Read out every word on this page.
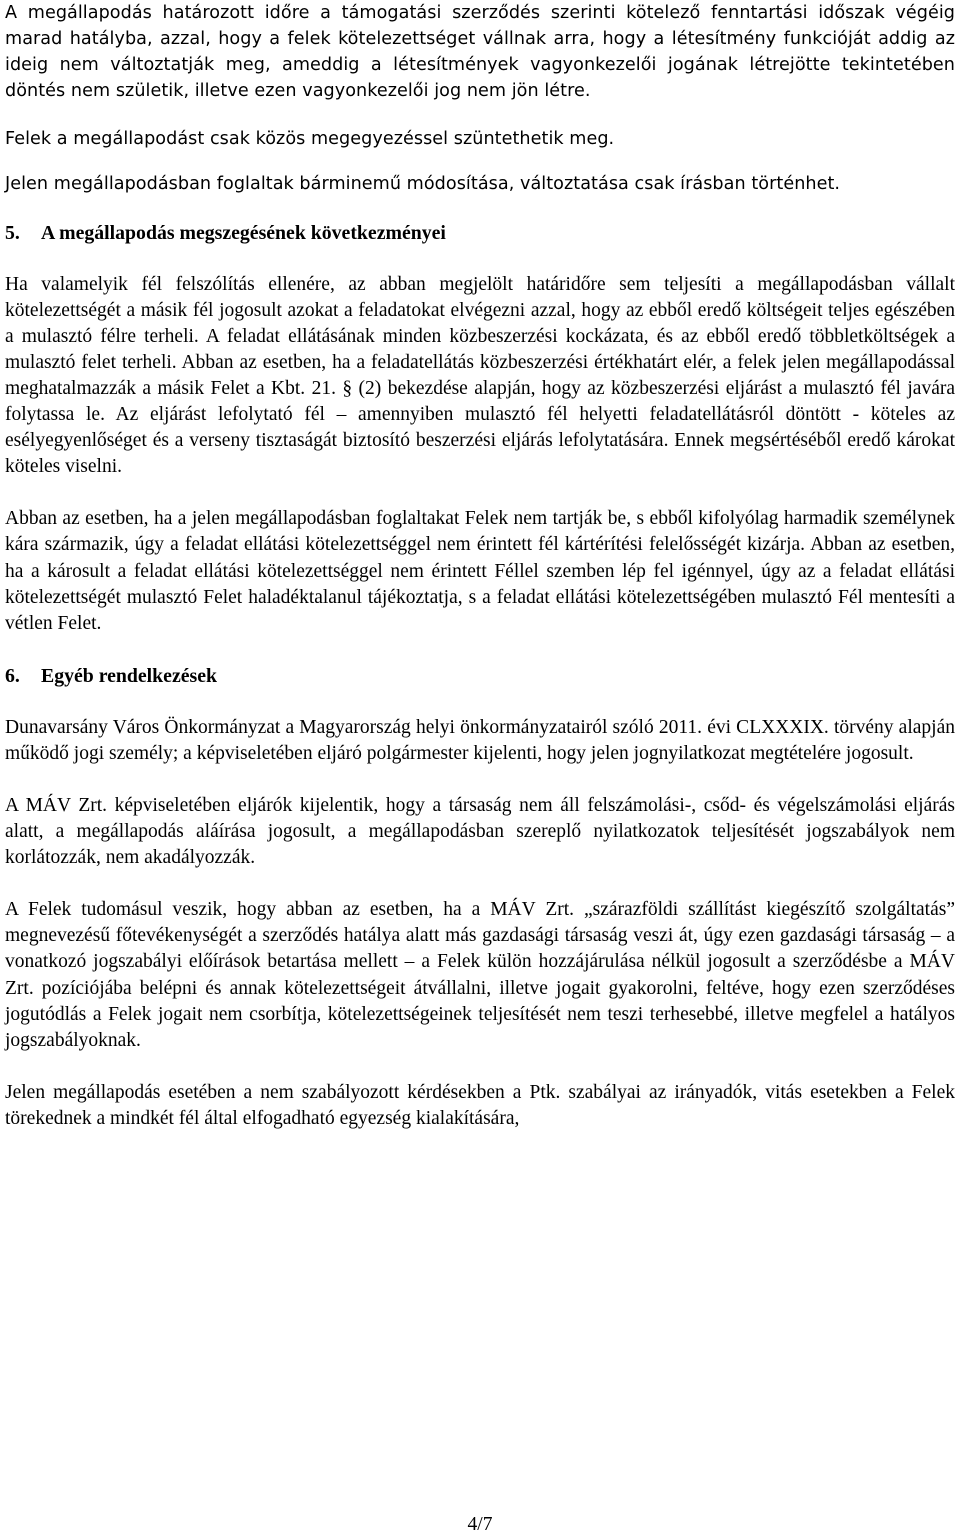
A megállapodás határozott időre a támogatási szerződés szerinti kötelező fenntartási időszak végéig marad hatályba, azzal, hogy a felek kötelezettséget vállnak arra, hogy a létesítmény funkcióját addig az ideig nem változtatják meg, ameddig a létesítmények vagyonkezelői jogának létrejötte tekintetében döntés nem születik, illetve ezen vagyonkezelői jog nem jön létre.

Felek a megállapodást csak közös megegyezéssel szüntethetik meg.

Jelen megállapodásban foglaltak bárminemű módosítása, változtatása csak írásban történhet.

5. A megállapodás megszegésének következményei

Ha valamelyik fél felszólítás ellenére, az abban megjelölt határidőre sem teljesíti a megállapodásban vállalt kötelezettségét a másik fél jogosult azokat a feladatokat elvégezni azzal, hogy az ebből eredő költségeit teljes egészében a mulasztó félre terheli. A feladat ellátásának minden közbeszerzési kockázata, és az ebből eredő többletköltségek a mulasztó felet terheli. Abban az esetben, ha a feladatellátás közbeszerzési értékhatárt elér, a felek jelen megállapodással meghatalmazzák a másik Felet a Kbt. 21. § (2) bekezdése alapján, hogy az közbeszerzési eljárást a mulasztó fél javára folytassa le. Az eljárást lefolytató fél – amennyiben mulasztó fél helyetti feladatellátásról döntött - köteles az esélyegyenlőséget és a verseny tisztaságát biztosító beszerzési eljárás lefolytatására. Ennek megsértéséből eredő károkat köteles viselni.

Abban az esetben, ha a jelen megállapodásban foglaltakat Felek nem tartják be, s ebből kifolyólag harmadik személynek kára származik, úgy a feladat ellátási kötelezettséggel nem érintett fél kártérítési felelősségét kizárja. Abban az esetben, ha a károsult a feladat ellátási kötelezettséggel nem érintett Féllel szemben lép fel igénnyel, úgy az a feladat ellátási kötelezettségét mulasztó Felet haladéktalanul tájékoztatja, s a feladat ellátási kötelezettségében mulasztó Fél mentesíti a vétlen Felet.

6. Egyéb rendelkezések

Dunavarsány Város Önkormányzat a Magyarország helyi önkormányzatairól szóló 2011. évi CLXXXIX. törvény alapján működő jogi személy; a képviseletében eljáró polgármester kijelenti, hogy jelen jognyilatkozat megtételére jogosult.

A MÁV Zrt. képviseletében eljárók kijelentik, hogy a társaság nem áll felszámolási-, csőd- és végelszámolási eljárás alatt, a megállapodás aláírása jogosult, a megállapodásban szereplő nyilatkozatok teljesítését jogszabályok nem korlátozzák, nem akadályozzák.

A Felek tudomásul veszik, hogy abban az esetben, ha a MÁV Zrt. „szárazföldi szállítást kiegészítő szolgáltatás” megnevezésű főtevékenységét a szerződés hatálya alatt más gazdasági társaság veszi át, úgy ezen gazdasági társaság – a vonatkozó jogszabályi előírások betartása mellett – a Felek külön hozzájárulása nélkül jogosult a szerződésbe a MÁV Zrt. pozíciójába belépni és annak kötelezettségeit átvállalni, illetve jogait gyakorolni, feltéve, hogy ezen szerződéses jogutódlás a Felek jogait nem csorbítja, kötelezettségeinek teljesítését nem teszi terhesebbé, illetve megfelel a hatályos jogszabályoknak.

Jelen megállapodás esetében a nem szabályozott kérdésekben a Ptk. szabályai az irányadók, vitás esetekben a Felek törekednek a mindkét fél által elfogadható egyezség kialakítására,

4/7
